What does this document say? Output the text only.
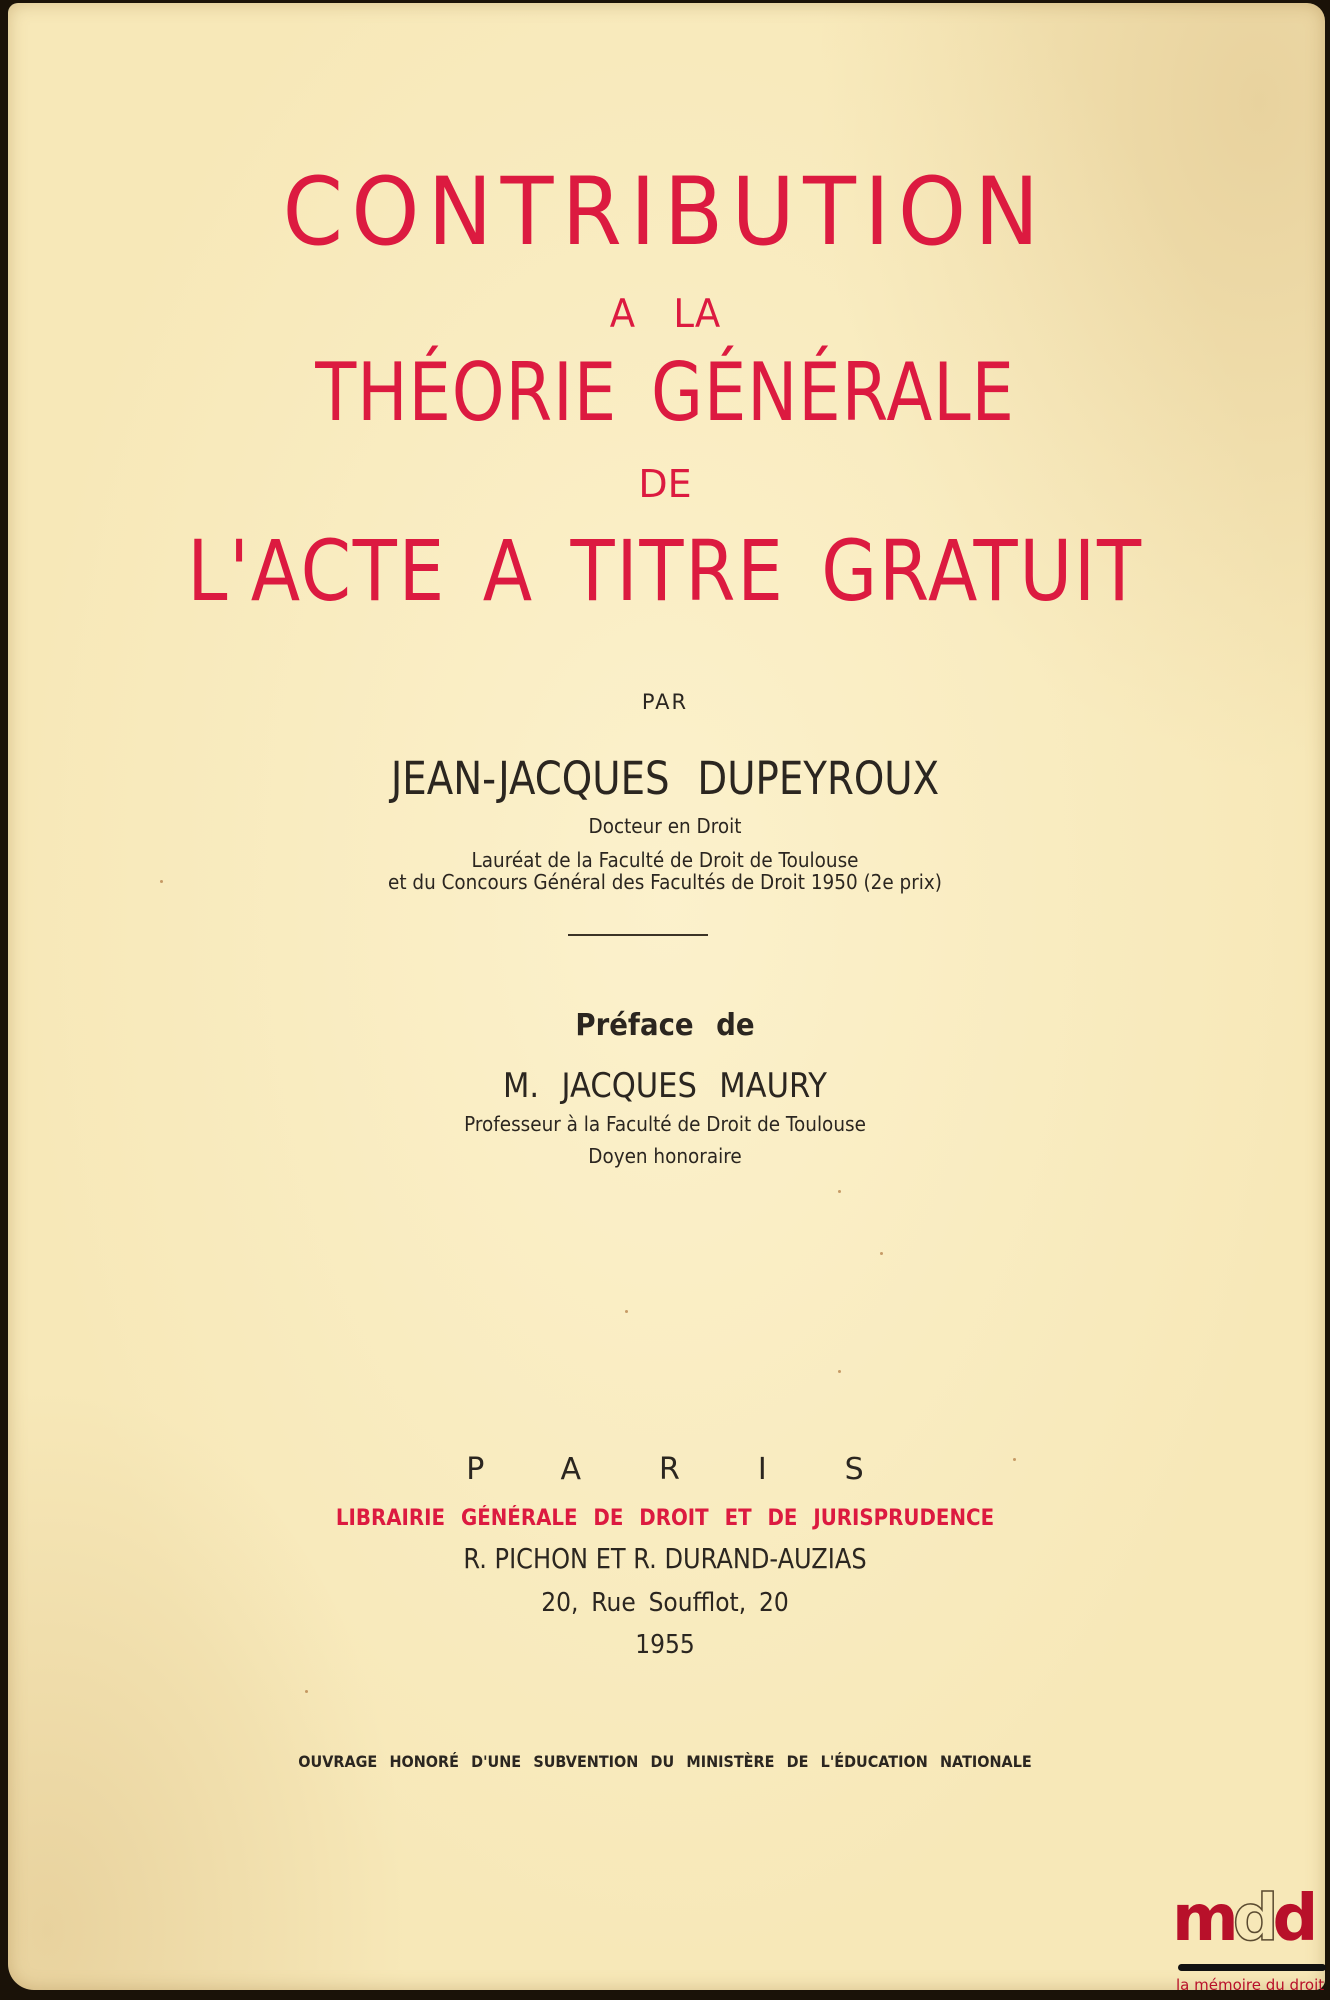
CONTRIBUTION
A LA
THÉORIE GÉNÉRALE
DE
L'ACTE A TITRE GRATUIT
PAR
JEAN-JACQUES DUPEYROUX
Docteur en Droit
Lauréat de la Faculté de Droit de Toulouse
et du Concours Général des Facultés de Droit 1950 (2e prix)
Préface de
M. JACQUES MAURY
Professeur à la Faculté de Droit de Toulouse
Doyen honoraire
PARIS
LIBRAIRIE GÉNÉRALE DE DROIT ET DE JURISPRUDENCE
R. PICHON ET R. DURAND-AUZIAS
20, Rue Soufflot, 20
1955
OUVRAGE HONORÉ D'UNE SUBVENTION DU MINISTÈRE DE L'ÉDUCATION NATIONALE
mdd
la mémoire du droit
